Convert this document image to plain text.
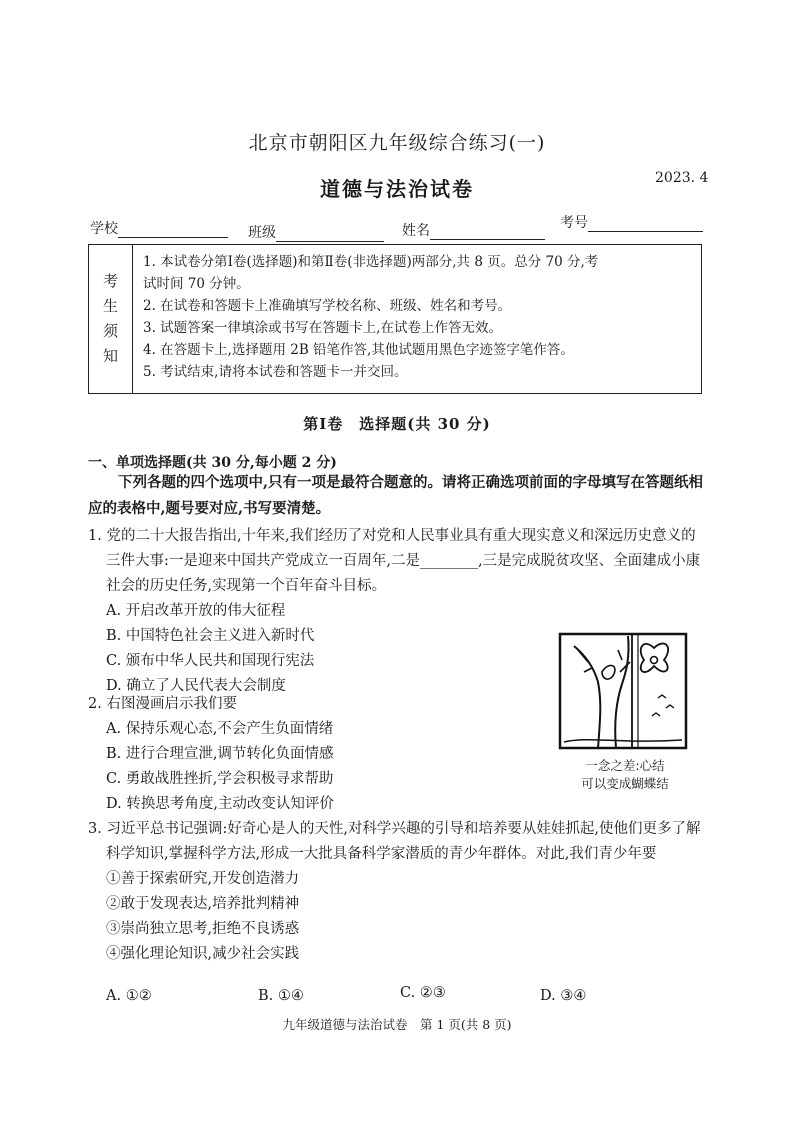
北京市朝阳区九年级综合练习(一)
道德与法治试卷	2023. 4
学校	班级	姓名	考号
考
生
须
知
1. 本试卷分第Ⅰ卷(选择题)和第Ⅱ卷(非选择题)两部分,共 8 页。总分 70 分,考
试时间 70 分钟。
2. 在试卷和答题卡上准确填写学校名称、班级、姓名和考号。
3. 试题答案一律填涂或书写在答题卡上,在试卷上作答无效。
4. 在答题卡上,选择题用 2B 铅笔作答,其他试题用黑色字迹签字笔作答。
5. 考试结束,请将本试卷和答题卡一并交回。
第Ⅰ卷　选择题(共 30 分)
一、单项选择题(共 30 分,每小题 2 分)
下列各题的四个选项中,只有一项是最符合题意的。请将正确选项前面的字母填写在答题纸相应的表格中,题号要对应,书写要清楚。
1. 党的二十大报告指出,十年来,我们经历了对党和人民事业具有重大现实意义和深远历史意义的三件大事:一是迎来中国共产党成立一百周年,二是________,三是完成脱贫攻坚、全面建成小康社会的历史任务,实现第一个百年奋斗目标。
A. 开启改革开放的伟大征程
B. 中国特色社会主义进入新时代
C. 颁布中华人民共和国现行宪法
D. 确立了人民代表大会制度
2. 右图漫画启示我们要
A. 保持乐观心态,不会产生负面情绪
B. 进行合理宣泄,调节转化负面情感
C. 勇敢战胜挫折,学会积极寻求帮助
D. 转换思考角度,主动改变认知评价
一念之差:心结
可以变成蝴蝶结
3. 习近平总书记强调:好奇心是人的天性,对科学兴趣的引导和培养要从娃娃抓起,使他们更多了解科学知识,掌握科学方法,形成一大批具备科学家潜质的青少年群体。对此,我们青少年要
①善于探索研究,开发创造潜力
②敢于发现表达,培养批判精神
③崇尚独立思考,拒绝不良诱惑
④强化理论知识,减少社会实践
A. ①②	B. ①④	C. ②③	D. ③④
九年级道德与法治试卷　第 1 页(共 8 页)
